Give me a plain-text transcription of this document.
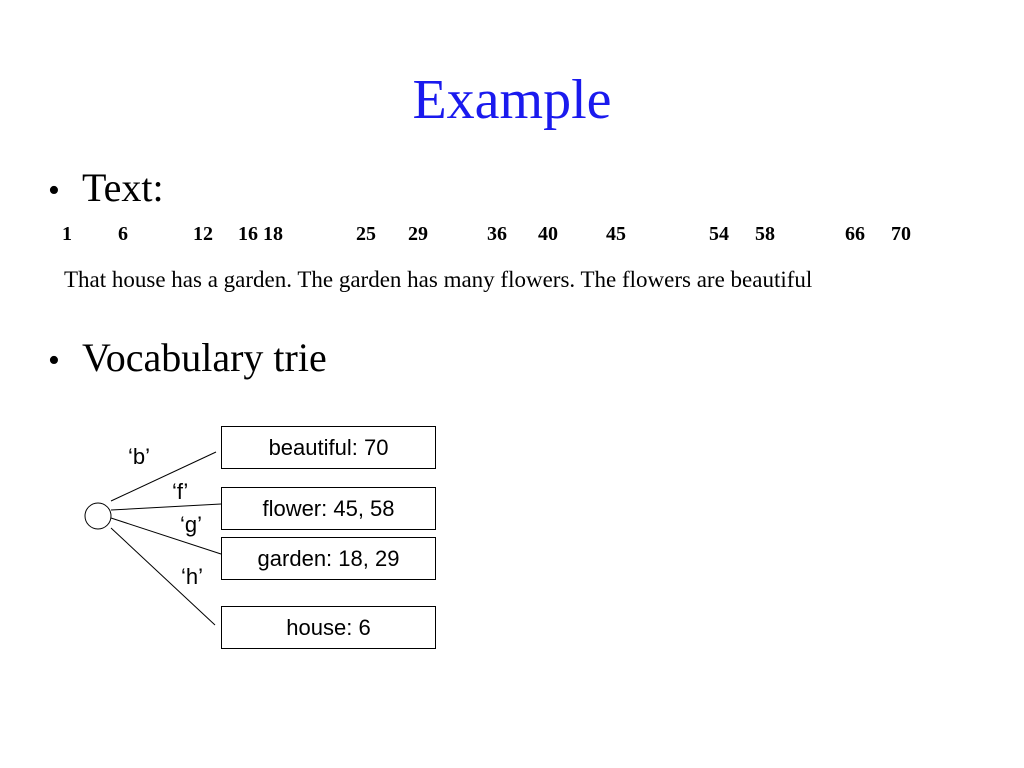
Example
• Text:
1 6	12 16 18	25 29	36 40 45	54 58	66 70
That house has a garden. The garden has many flowers. The flowers are beautiful
• Vocabulary trie
‘b’
‘f’
‘g’
‘h’
beautiful: 70
flower: 45, 58
garden: 18, 29
house: 6
